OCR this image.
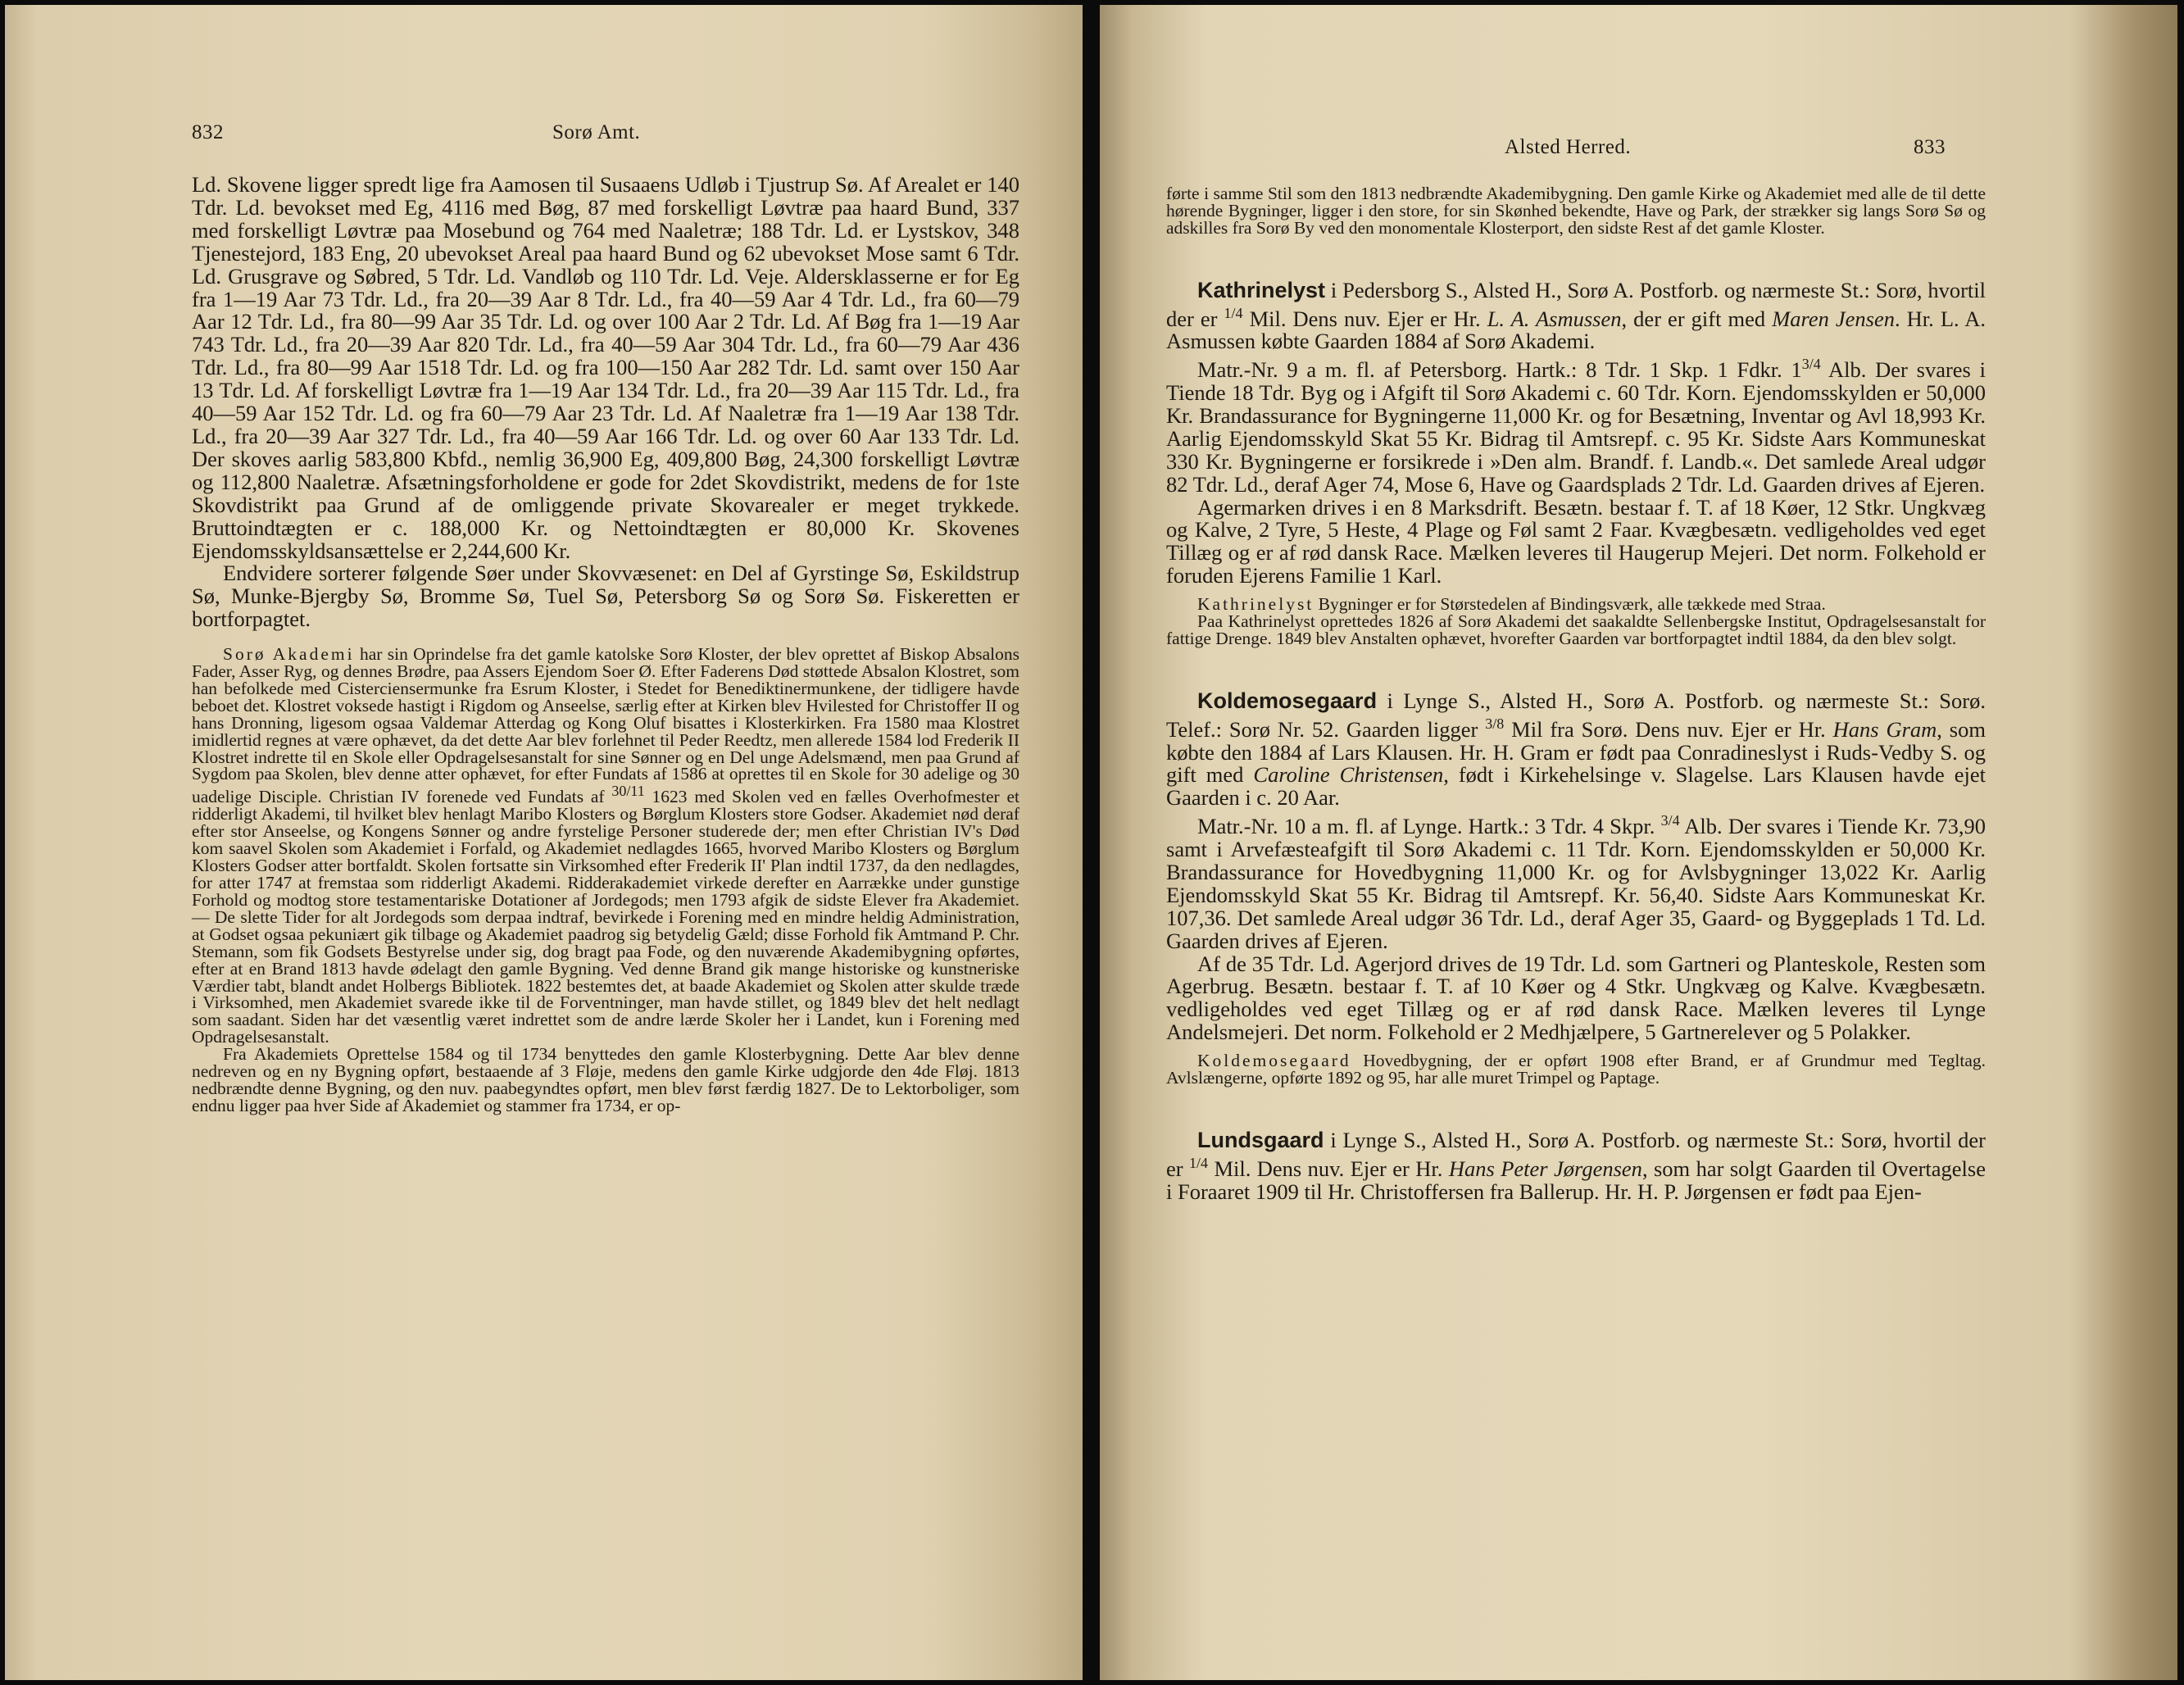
832	Sorø Amt.

Ld. Skovene ligger spredt lige fra Aamosen til Susaaens Udløb i Tjustrup Sø. Af Arealet er 140 Tdr. Ld. bevokset med Eg, 4116 med Bøg, 87 med forskelligt Løvtræ paa haard Bund, 337 med forskelligt Løvtræ paa Mosebund og 764 med Naaletræ; 188 Tdr. Ld. er Lystskov, 348 Tjenestejord, 183 Eng, 20 ubevokset Areal paa haard Bund og 62 ubevokset Mose samt 6 Tdr. Ld. Grusgrave og Søbred, 5 Tdr. Ld. Vandløb og 110 Tdr. Ld. Veje. Aldersklasserne er for Eg fra 1—19 Aar 73 Tdr. Ld., fra 20—39 Aar 8 Tdr. Ld., fra 40—59 Aar 4 Tdr. Ld., fra 60—79 Aar 12 Tdr. Ld., fra 80—99 Aar 35 Tdr. Ld. og over 100 Aar 2 Tdr. Ld. Af Bøg fra 1—19 Aar 743 Tdr. Ld., fra 20—39 Aar 820 Tdr. Ld., fra 40—59 Aar 304 Tdr. Ld., fra 60—79 Aar 436 Tdr. Ld., fra 80—99 Aar 1518 Tdr. Ld. og fra 100—150 Aar 282 Tdr. Ld. samt over 150 Aar 13 Tdr. Ld. Af forskelligt Løvtræ fra 1—19 Aar 134 Tdr. Ld., fra 20—39 Aar 115 Tdr. Ld., fra 40—59 Aar 152 Tdr. Ld. og fra 60—79 Aar 23 Tdr. Ld. Af Naaletræ fra 1—19 Aar 138 Tdr. Ld., fra 20—39 Aar 327 Tdr. Ld., fra 40—59 Aar 166 Tdr. Ld. og over 60 Aar 133 Tdr. Ld. Der skoves aarlig 583,800 Kbfd., nemlig 36,900 Eg, 409,800 Bøg, 24,300 forskelligt Løvtræ og 112,800 Naaletræ. Afsætningsforholdene er gode for 2det Skovdistrikt, medens de for 1ste Skovdistrikt paa Grund af de omliggende private Skovarealer er meget trykkede. Bruttoindtægten er c. 188,000 Kr. og Nettoindtægten er 80,000 Kr. Skovenes Ejendomsskyldsansættelse er 2,244,600 Kr.

Endvidere sorterer følgende Søer under Skovvæsenet: en Del af Gyrstinge Sø, Eskildstrup Sø, Munke-Bjergby Sø, Bromme Sø, Tuel Sø, Petersborg Sø og Sorø Sø. Fiskeretten er bortforpagtet.

Sorø Akademi har sin Oprindelse fra det gamle katolske Sorø Kloster, der blev oprettet af Biskop Absalons Fader, Asser Ryg, og dennes Brødre, paa Assers Ejendom Soer Ø. Efter Faderens Død støttede Absalon Klostret, som han befolkede med Cisterciensermunke fra Esrum Kloster, i Stedet for Benediktinermunkene, der tidligere havde beboet det. Klostret voksede hastigt i Rigdom og Anseelse, særlig efter at Kirken blev Hvilested for Christoffer II og hans Dronning, ligesom ogsaa Valdemar Atterdag og Kong Oluf bisattes i Klosterkirken. Fra 1580 maa Klostret imidlertid regnes at være ophævet, da det dette Aar blev forlehnet til Peder Reedtz, men allerede 1584 lod Frederik II Klostret indrette til en Skole eller Opdragelsesanstalt for sine Sønner og en Del unge Adelsmænd, men paa Grund af Sygdom paa Skolen, blev denne atter ophævet, for efter Fundats af 1586 at oprettes til en Skole for 30 adelige og 30 uadelige Disciple. Christian IV forenede ved Fundats af $^{30/11}$ 1623 med Skolen ved en fælles Overhofmester et ridderligt Akademi, til hvilket blev henlagt Maribo Klosters og Børglum Klosters store Godser. Akademiet nød deraf efter stor Anseelse, og Kongens Sønner og andre fyrstelige Personer studerede der; men efter Christian IV's Død kom saavel Skolen som Akademiet i Forfald, og Akademiet nedlagdes 1665, hvorved Maribo Klosters og Børglum Klosters Godser atter bortfaldt. Skolen fortsatte sin Virksomhed efter Frederik II' Plan indtil 1737, da den nedlagdes, for atter 1747 at fremstaa som ridderligt Akademi. Ridderakademiet virkede derefter en Aarrække under gunstige Forhold og modtog store testamentariske Dotationer af Jordegods; men 1793 afgik de sidste Elever fra Akademiet. — De slette Tider for alt Jordegods som derpaa indtraf, bevirkede i Forening med en mindre heldig Administration, at Godset ogsaa pekuniært gik tilbage og Akademiet paadrog sig betydelig Gæld; disse Forhold fik Amtmand P. Chr. Stemann, som fik Godsets Bestyrelse under sig, dog bragt paa Fode, og den nuværende Akademibygning opførtes, efter at en Brand 1813 havde ødelagt den gamle Bygning. Ved denne Brand gik mange historiske og kunstneriske Værdier tabt, blandt andet Holbergs Bibliotek. 1822 bestemtes det, at baade Akademiet og Skolen atter skulde træde i Virksomhed, men Akademiet svarede ikke til de Forventninger, man havde stillet, og 1849 blev det helt nedlagt som saadant. Siden har det væsentlig været indrettet som de andre lærde Skoler her i Landet, kun i Forening med Opdragelsesanstalt.

Fra Akademiets Oprettelse 1584 og til 1734 benyttedes den gamle Klosterbygning. Dette Aar blev denne nedreven og en ny Bygning opført, bestaaende af 3 Fløje, medens den gamle Kirke udgjorde den 4de Fløj. 1813 nedbrændte denne Bygning, og den nuv. paabegyndtes opført, men blev først færdig 1827. De to Lektorboliger, som endnu ligger paa hver Side af Akademiet og stammer fra 1734, er op-

Alsted Herred.	833

førte i samme Stil som den 1813 nedbrændte Akademibygning. Den gamle Kirke og Akademiet med alle de til dette hørende Bygninger, ligger i den store, for sin Skønhed bekendte, Have og Park, der strækker sig langs Sorø Sø og adskilles fra Sorø By ved den monomentale Klosterport, den sidste Rest af det gamle Kloster.

Kathrinelyst i Pedersborg S., Alsted H., Sorø A. Postforb. og nærmeste St.: Sorø, hvortil der er $^{1/4}$ Mil. Dens nuv. Ejer er Hr. L. A. Asmussen, der er gift med Maren Jensen. Hr. L. A. Asmussen købte Gaarden 1884 af Sorø Akademi.

Matr.-Nr. 9 a m. fl. af Petersborg. Hartk.: 8 Tdr. 1 Skp. 1 Fdkr. $1^{3/4}$ Alb. Der svares i Tiende 18 Tdr. Byg og i Afgift til Sorø Akademi c. 60 Tdr. Korn. Ejendomsskylden er 50,000 Kr. Brandassurance for Bygningerne 11,000 Kr. og for Besætning, Inventar og Avl 18,993 Kr. Aarlig Ejendomsskyld Skat 55 Kr. Bidrag til Amtsrepf. c. 95 Kr. Sidste Aars Kommuneskat 330 Kr. Bygningerne er forsikrede i »Den alm. Brandf. f. Landb.«. Det samlede Areal udgør 82 Tdr. Ld., deraf Ager 74, Mose 6, Have og Gaardsplads 2 Tdr. Ld. Gaarden drives af Ejeren.

Agermarken drives i en 8 Marksdrift. Besætn. bestaar f. T. af 18 Køer, 12 Stkr. Ungkvæg og Kalve, 2 Tyre, 5 Heste, 4 Plage og Føl samt 2 Faar. Kvægbesætn. vedligeholdes ved eget Tillæg og er af rød dansk Race. Mælken leveres til Haugerup Mejeri. Det norm. Folkehold er foruden Ejerens Familie 1 Karl.

Kathrinelyst Bygninger er for Størstedelen af Bindingsværk, alle tækkede med Straa.

Paa Kathrinelyst oprettedes 1826 af Sorø Akademi det saakaldte Sellenbergske Institut, Opdragelsesanstalt for fattige Drenge. 1849 blev Anstalten ophævet, hvorefter Gaarden var bortforpagtet indtil 1884, da den blev solgt.

Koldemosegaard i Lynge S., Alsted H., Sorø A. Postforb. og nærmeste St.: Sorø. Telef.: Sorø Nr. 52. Gaarden ligger $^{3/8}$ Mil fra Sorø. Dens nuv. Ejer er Hr. Hans Gram, som købte den 1884 af Lars Klausen. Hr. H. Gram er født paa Conradineslyst i Ruds-Vedby S. og gift med Caroline Christensen, født i Kirkehelsinge v. Slagelse. Lars Klausen havde ejet Gaarden i c. 20 Aar.

Matr.-Nr. 10 a m. fl. af Lynge. Hartk.: 3 Tdr. 4 Skpr. $^{3/4}$ Alb. Der svares i Tiende Kr. 73,90 samt i Arvefæsteafgift til Sorø Akademi c. 11 Tdr. Korn. Ejendomsskylden er 50,000 Kr. Brandassurance for Hovedbygning 11,000 Kr. og for Avlsbygninger 13,022 Kr. Aarlig Ejendomsskyld Skat 55 Kr. Bidrag til Amtsrepf. Kr. 56,40. Sidste Aars Kommuneskat Kr. 107,36. Det samlede Areal udgør 36 Tdr. Ld., deraf Ager 35, Gaard- og Byggeplads 1 Td. Ld. Gaarden drives af Ejeren.

Af de 35 Tdr. Ld. Agerjord drives de 19 Tdr. Ld. som Gartneri og Planteskole, Resten som Agerbrug. Besætn. bestaar f. T. af 10 Køer og 4 Stkr. Ungkvæg og Kalve. Kvægbesætn. vedligeholdes ved eget Tillæg og er af rød dansk Race. Mælken leveres til Lynge Andelsmejeri. Det norm. Folkehold er 2 Medhjælpere, 5 Gartnerelever og 5 Polakker.

Koldemosegaard Hovedbygning, der er opført 1908 efter Brand, er af Grundmur med Tegltag. Avlslængerne, opførte 1892 og 95, har alle muret Trimpel og Paptage.

Lundsgaard i Lynge S., Alsted H., Sorø A. Postforb. og nærmeste St.: Sorø, hvortil der er $^{1/4}$ Mil. Dens nuv. Ejer er Hr. Hans Peter Jørgensen, som har solgt Gaarden til Overtagelse i Foraaret 1909 til Hr. Christoffersen fra Ballerup. Hr. H. P. Jørgensen er født paa Ejen-
